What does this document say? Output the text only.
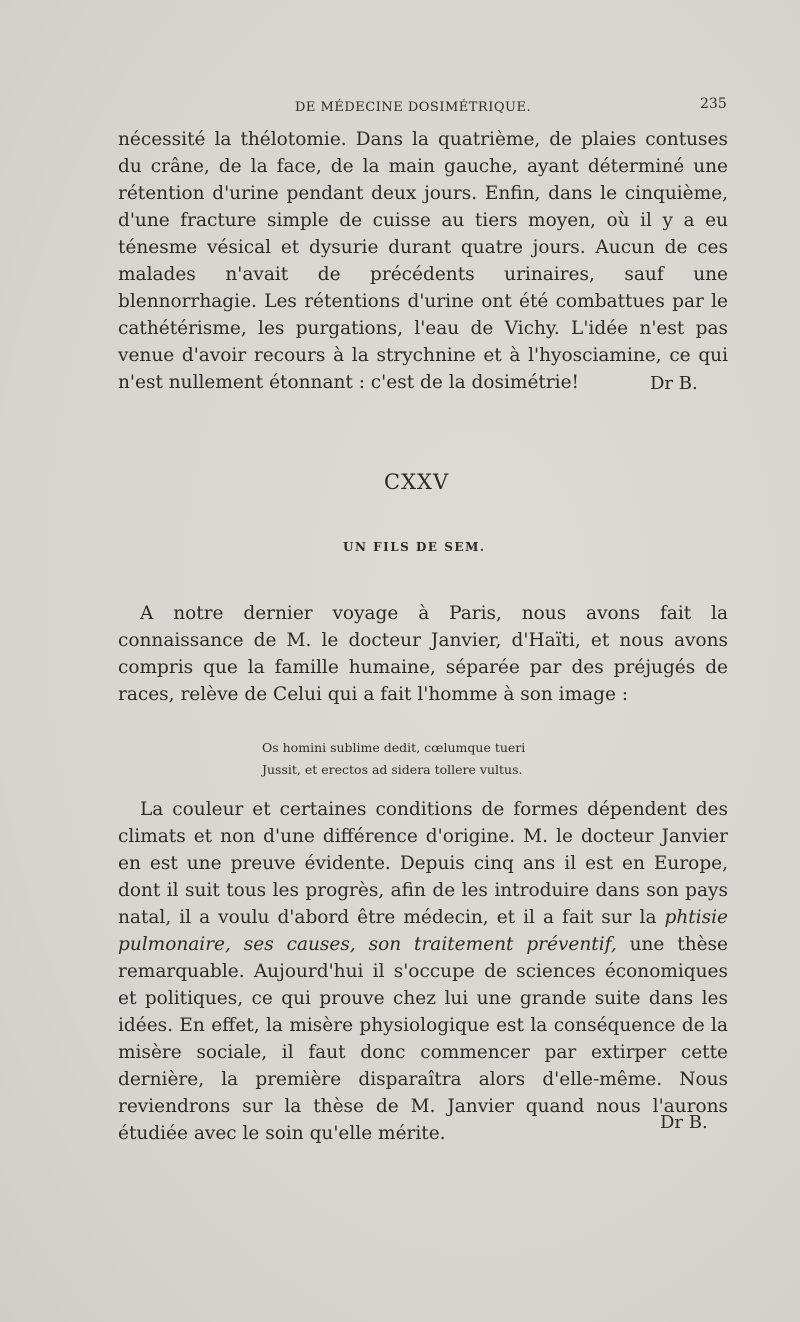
DE MÉDECINE DOSIMÉTRIQUE.	235

nécessité la thélotomie. Dans la quatrième, de plaies contuses du crâne, de la face, de la main gauche, ayant déterminé une rétention d'urine pendant deux jours. Enfin, dans le cinquième, d'une fracture simple de cuisse au tiers moyen, où il y a eu ténesme vésical et dysurie durant quatre jours. Aucun de ces malades n'avait de précédents urinaires, sauf une blennorrhagie. Les rétentions d'urine ont été combattues par le cathétérisme, les purgations, l'eau de Vichy. L'idée n'est pas venue d'avoir recours à la strychnine et à l'hyosciamine, ce qui n'est nullement étonnant : c'est de la dosimétrie!	Dr B.
CXXV
UN FILS DE SEM.

A notre dernier voyage à Paris, nous avons fait la connaissance de M. le docteur Janvier, d'Haïti, et nous avons compris que la famille humaine, séparée par des préjugés de races, relève de Celui qui a fait l'homme à son image :

Os homini sublime dedit, cœlumque tueri
Jussit, et erectos ad sidera tollere vultus.

La couleur et certaines conditions de formes dépendent des climats et non d'une différence d'origine. M. le docteur Janvier en est une preuve évidente. Depuis cinq ans il est en Europe, dont il suit tous les progrès, afin de les introduire dans son pays natal, il a voulu d'abord être médecin, et il a fait sur la phtisie pulmonaire, ses causes, son traitement préventif, une thèse remarquable. Aujourd'hui il s'occupe de sciences économiques et politiques, ce qui prouve chez lui une grande suite dans les idées. En effet, la misère physiologique est la conséquence de la misère sociale, il faut donc commencer par extirper cette dernière, la première disparaîtra alors d'elle-même. Nous reviendrons sur la thèse de M. Janvier quand nous l'aurons étudiée avec le soin qu'elle mérite.

Dr B.
